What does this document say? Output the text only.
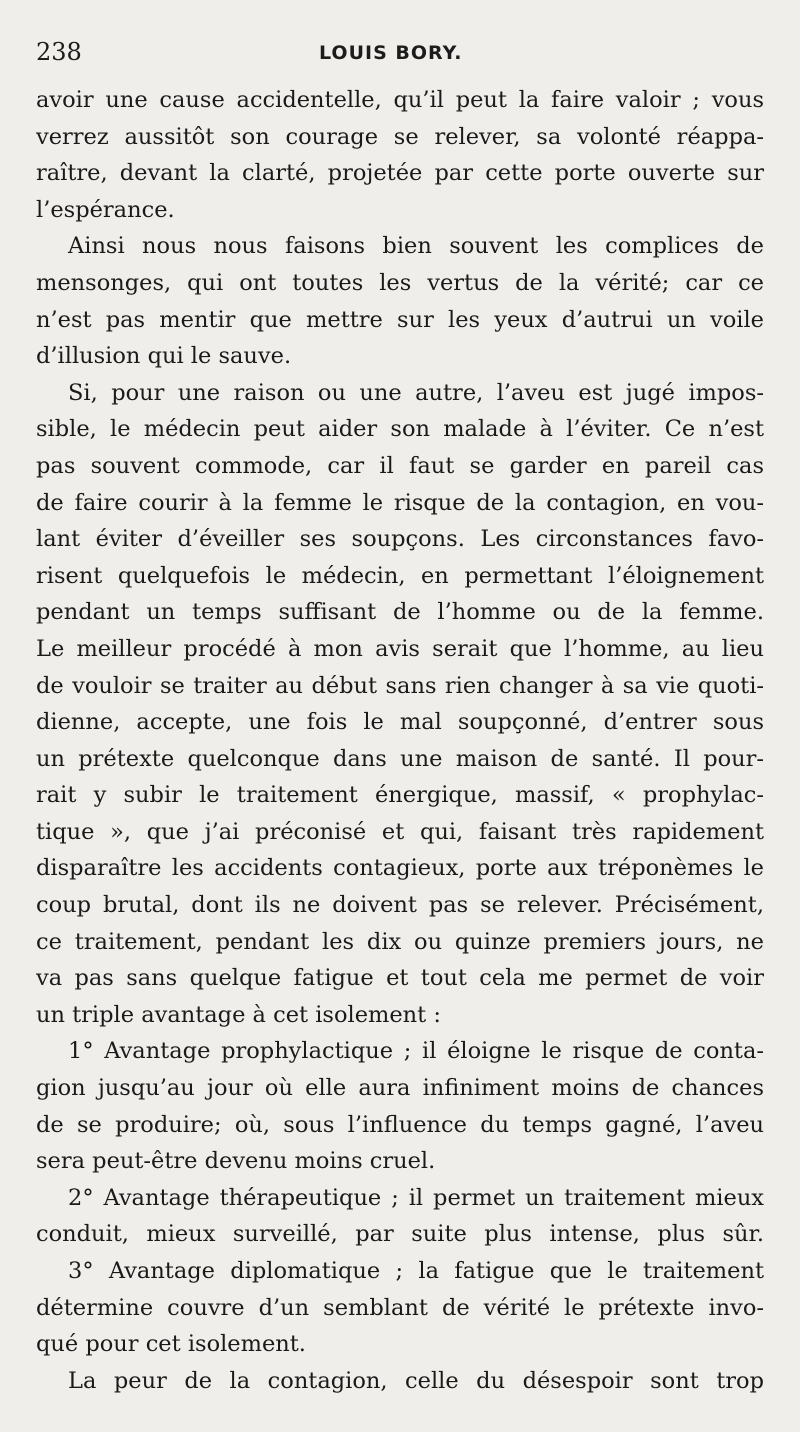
238	LOUIS BORY.
avoir une cause accidentelle, qu’il peut la faire valoir ; vous
verrez aussitôt son courage se relever, sa volonté réappa-
raître, devant la clarté, projetée par cette porte ouverte sur
l’espérance.
Ainsi nous nous faisons bien souvent les complices de
mensonges, qui ont toutes les vertus de la vérité; car ce
n’est pas mentir que mettre sur les yeux d’autrui un voile
d’illusion qui le sauve.
Si, pour une raison ou une autre, l’aveu est jugé impos-
sible, le médecin peut aider son malade à l’éviter. Ce n’est
pas souvent commode, car il faut se garder en pareil cas
de faire courir à la femme le risque de la contagion, en vou-
lant éviter d’éveiller ses soupçons. Les circonstances favo-
risent quelquefois le médecin, en permettant l’éloignement
pendant un temps suffisant de l’homme ou de la femme.
Le meilleur procédé à mon avis serait que l’homme, au lieu
de vouloir se traiter au début sans rien changer à sa vie quoti-
dienne, accepte, une fois le mal soupçonné, d’entrer sous
un prétexte quelconque dans une maison de santé. Il pour-
rait y subir le traitement énergique, massif, « prophylac-
tique », que j’ai préconisé et qui, faisant très rapidement
disparaître les accidents contagieux, porte aux tréponèmes le
coup brutal, dont ils ne doivent pas se relever. Précisément,
ce traitement, pendant les dix ou quinze premiers jours, ne
va pas sans quelque fatigue et tout cela me permet de voir
un triple avantage à cet isolement :
1° Avantage prophylactique ; il éloigne le risque de conta-
gion jusqu’au jour où elle aura infiniment moins de chances
de se produire; où, sous l’influence du temps gagné, l’aveu
sera peut-être devenu moins cruel.
2° Avantage thérapeutique ; il permet un traitement mieux
conduit, mieux surveillé, par suite plus intense, plus sûr.
3° Avantage diplomatique ; la fatigue que le traitement
détermine couvre d’un semblant de vérité le prétexte invo-
qué pour cet isolement.
La peur de la contagion, celle du désespoir sont trop
